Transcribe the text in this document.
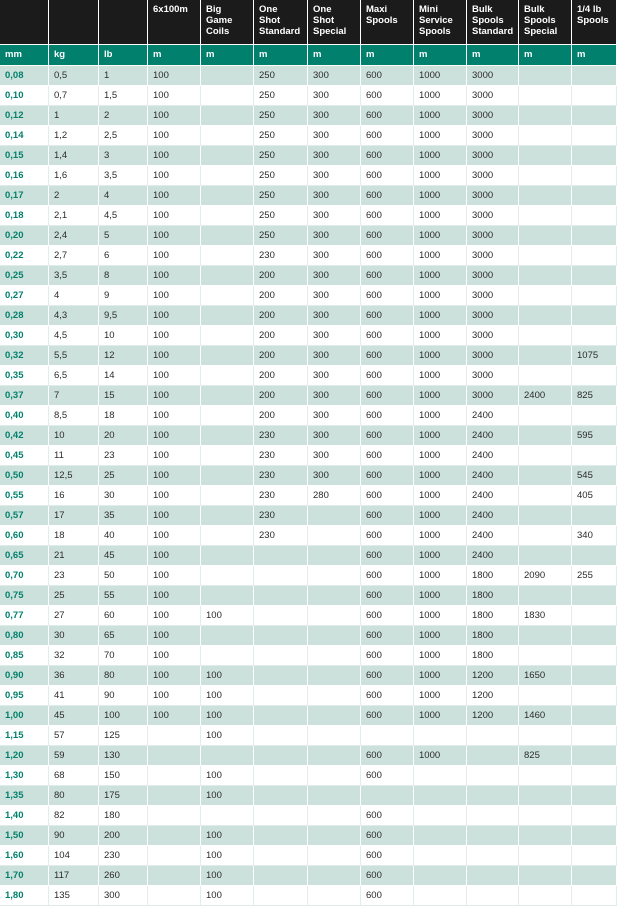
			6x100m	Big
Game
Coils	One
Shot
Standard	One
Shot
Special	Maxi
Spools	Mini
Service
Spools	Bulk
Spools
Standard	Bulk
Spools
Special	1/4 lb
Spools
mm	kg	lb	m	m	m	m	m	m	m	m	m
0,08	0,5	1	100		250	300	600	1000	3000		
0,10	0,7	1,5	100		250	300	600	1000	3000		
0,12	1	2	100		250	300	600	1000	3000		
0,14	1,2	2,5	100		250	300	600	1000	3000		
0,15	1,4	3	100		250	300	600	1000	3000		
0,16	1,6	3,5	100		250	300	600	1000	3000		
0,17	2	4	100		250	300	600	1000	3000		
0,18	2,1	4,5	100		250	300	600	1000	3000		
0,20	2,4	5	100		250	300	600	1000	3000		
0,22	2,7	6	100		230	300	600	1000	3000		
0,25	3,5	8	100		200	300	600	1000	3000		
0,27	4	9	100		200	300	600	1000	3000		
0,28	4,3	9,5	100		200	300	600	1000	3000		
0,30	4,5	10	100		200	300	600	1000	3000		
0,32	5,5	12	100		200	300	600	1000	3000		1075
0,35	6,5	14	100		200	300	600	1000	3000		
0,37	7	15	100		200	300	600	1000	3000	2400	825
0,40	8,5	18	100		200	300	600	1000	2400		
0,42	10	20	100		230	300	600	1000	2400		595
0,45	11	23	100		230	300	600	1000	2400		
0,50	12,5	25	100		230	300	600	1000	2400		545
0,55	16	30	100		230	280	600	1000	2400		405
0,57	17	35	100		230		600	1000	2400		
0,60	18	40	100		230		600	1000	2400		340
0,65	21	45	100				600	1000	2400		
0,70	23	50	100				600	1000	1800	2090	255
0,75	25	55	100				600	1000	1800		
0,77	27	60	100	100			600	1000	1800	1830	
0,80	30	65	100				600	1000	1800		
0,85	32	70	100				600	1000	1800		
0,90	36	80	100	100			600	1000	1200	1650	
0,95	41	90	100	100			600	1000	1200		
1,00	45	100	100	100			600	1000	1200	1460	
1,15	57	125		100							
1,20	59	130					600	1000		825	
1,30	68	150		100			600				
1,35	80	175		100							
1,40	82	180					600				
1,50	90	200		100			600				
1,60	104	230		100			600				
1,70	117	260		100			600				
1,80	135	300		100			600				
